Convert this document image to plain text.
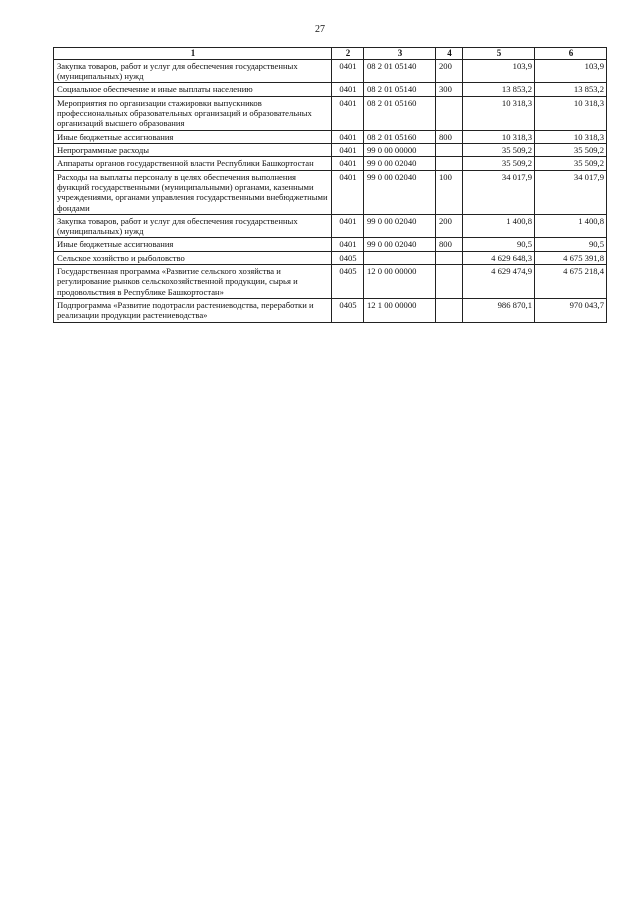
27
1	2	3	4	5	6
Закупка товаров, работ и услуг для обеспечения государственных (муниципальных) нужд	0401	08 2 01 05140	200	103,9	103,9
Социальное обеспечение и иные выплаты населению	0401	08 2 01 05140	300	13 853,2	13 853,2
Мероприятия по организации стажировки выпускников профессиональных образовательных организаций и образовательных организаций высшего образования	0401	08 2 01 05160		10 318,3	10 318,3
Иные бюджетные ассигнования	0401	08 2 01 05160	800	10 318,3	10 318,3
Непрограммные расходы	0401	99 0 00 00000		35 509,2	35 509,2
Аппараты органов государственной власти Республики Башкортостан	0401	99 0 00 02040		35 509,2	35 509,2
Расходы на выплаты персоналу в целях обеспечения выполнения функций государственными (муниципальными) органами, казенными учреждениями, органами управления государственными внебюджетными фондами	0401	99 0 00 02040	100	34 017,9	34 017,9
Закупка товаров, работ и услуг для обеспечения государственных (муниципальных) нужд	0401	99 0 00 02040	200	1 400,8	1 400,8
Иные бюджетные ассигнования	0401	99 0 00 02040	800	90,5	90,5
Сельское хозяйство и рыболовство	0405			4 629 648,3	4 675 391,8
Государственная программа «Развитие сельского хозяйства и регулирование рынков сельскохозяйственной продукции, сырья и продовольствия в Республике Башкортостан»	0405	12 0 00 00000		4 629 474,9	4 675 218,4
Подпрограмма «Развитие подотрасли растениеводства, переработки и реализации продукции растениеводства»	0405	12 1 00 00000		986 870,1	970 043,7
